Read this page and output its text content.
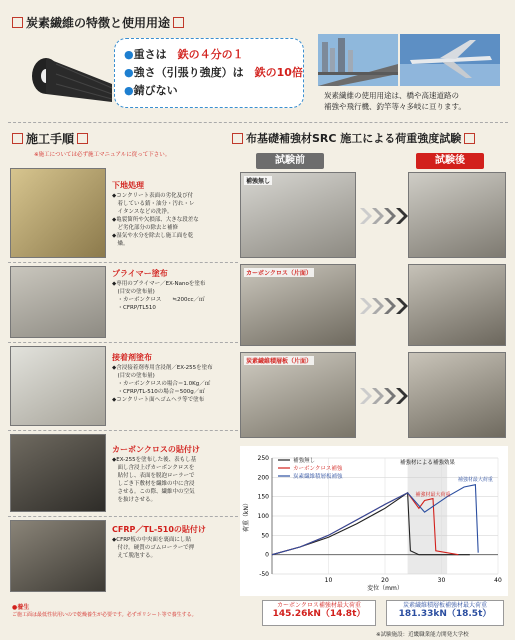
炭素繊維の特徴と使用用途
●重さは　鉄の４分の１
●強さ（引張り強度）は　鉄の10倍
●錆びない	炭素繊維の使用用途は、橋や高速道路の
補強や飛行機、釣竿等々多岐に亘ります。
施工手順
※施工については必ず施工マニュアルに従って下さい。
下地処理
◆コンクリート表面の劣化及び付
　着している錆・油分・汚れ・レ
　イタンスなどの洗浄。
◆亀裂箇所や欠損部、大きな段差な
　ど劣化部分の除去と補修
◆湿気や水分を除去し施工面を乾
　燥。
プライマー塗布
◆専用のプライマー／EX-Nanoを塗布
　(目安の塗布量)
　・カーボンクロス　　≒200cc／㎡
　・CFRP/TL510
接着剤塗布
◆含浸接着剤専用含浸剤／EX-255を塗布
　(目安の塗布量)
　・カーボンクロスの場合＝1.0Kg／㎡
　・CFRP/TL-510の場合＝500g／㎡
◆コンクリート面へゴムヘラ等で塗布
カーボンクロスの貼付け
◆EX-255を塗布した後、表もし基
　面し含浸上げカーボンクロスを
　貼付し、表面を脱泡ローラーで
　しごき下敷材を繊維の中に含浸
　させる。この際、繊維中の空気
　を抜けさせる。
CFRP／TL-510の貼付け
◆CFRP板の中央面を裏面にし貼
　付け。硬質のゴムローラーで押
　えて脱泡する。
●養生
ご施工面は最低性状用いので乾燥養生が必要です。必ずポリシート等で養生する。
布基礎補強材SRC 施工による荷重強度試験
試験前	試験後
補強無し
カーボンクロス（片面）
炭素繊維積層板（片面）
-50
0
50
100
150
200
250
10	20	30	40
変位（mm）
荷重（kN）
補強無し
カーボンクロス補強
炭素繊維積層板補強
補強材による補強効果
補強材最大荷重
補強材最大荷重
カーボンクロス補強材最大荷重
145.26kN（14.8t）
炭素繊維積層板補強材最大荷重
181.33kN（18.5t）
※試験施設：近畿職業能力開発大学校
